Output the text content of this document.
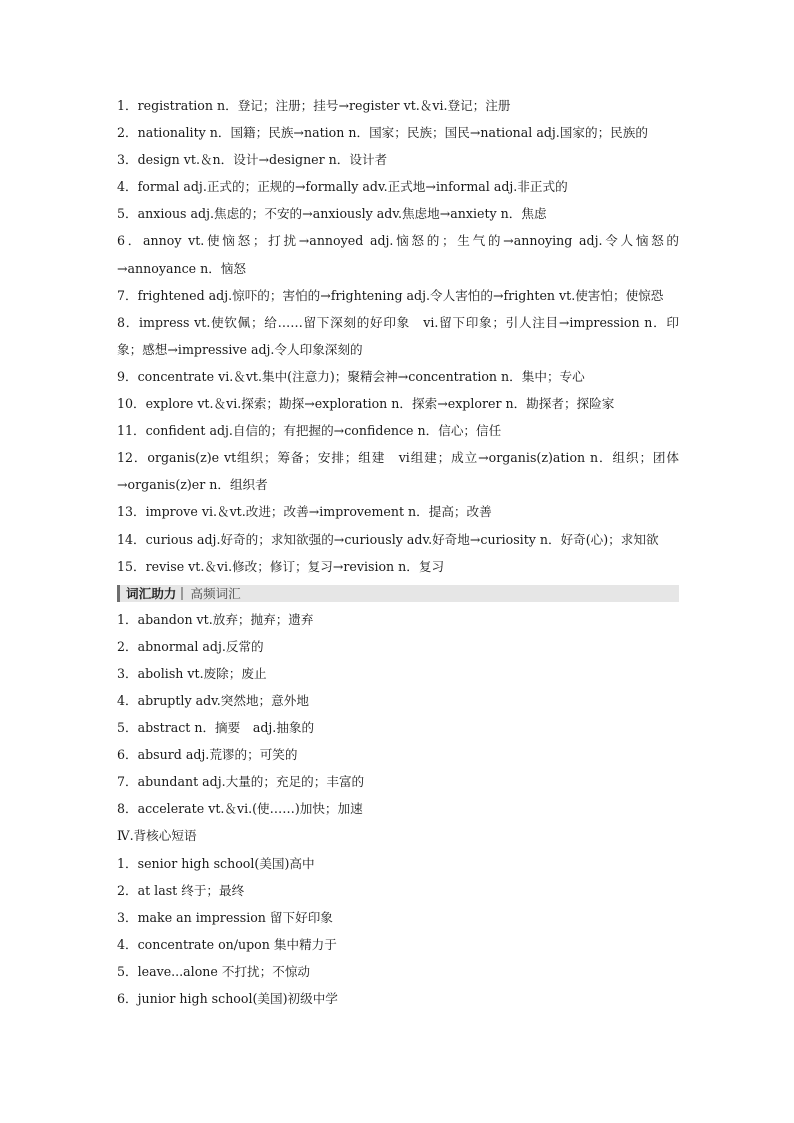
1．registration n．登记；注册；挂号→register vt.＆vi.登记；注册
2．nationality n．国籍；民族→nation n．国家；民族；国民→national adj.国家的；民族的
3．design vt.＆n．设计→designer n．设计者
4．formal adj.正式的；正规的→formally adv.正式地→informal adj.非正式的
5．anxious adj.焦虑的；不安的→anxiously adv.焦虑地→anxiety n．焦虑
6．annoy vt.使恼怒；打扰→annoyed adj.恼怒的；生气的→annoying adj.令人恼怒的→annoyance n．恼怒
7．frightened adj.惊吓的；害怕的→frightening adj.令人害怕的→frighten vt.使害怕；使惊恐
8．impress vt.使钦佩；给……留下深刻的好印象　vi.留下印象；引人注目→impression n．印象；感想→impressive adj.令人印象深刻的
9．concentrate vi.＆vt.集中(注意力)；聚精会神→concentration n．集中；专心
10．explore vt.＆vi.探索；勘探→exploration n．探索→explorer n．勘探者；探险家
11．confident adj.自信的；有把握的→confidence n．信心；信任
12．organis(z)e vt组织；筹备；安排；组建　vi组建；成立→organis(z)ation n．组织；团体→organis(z)er n．组织者
13．improve vi.＆vt.改进；改善→improvement n．提高；改善
14．curious adj.好奇的；求知欲强的→curiously adv.好奇地→curiosity n．好奇(心)；求知欲
15．revise vt.＆vi.修改；修订；复习→revision n．复习
词汇助力 高频词汇
1．abandon vt.放弃；抛弃；遗弃
2．abnormal adj.反常的
3．abolish vt.废除；废止
4．abruptly adv.突然地；意外地
5．abstract n．摘要　adj.抽象的
6．absurd adj.荒谬的；可笑的
7．abundant adj.大量的；充足的；丰富的
8．accelerate vt.＆vi.(使……)加快；加速
Ⅳ.背核心短语
1．senior high school(美国)高中
2．at last 终于；最终
3．make an impression 留下好印象
4．concentrate on/upon 集中精力于
5．leave...alone 不打扰；不惊动
6．junior high school(美国)初级中学
